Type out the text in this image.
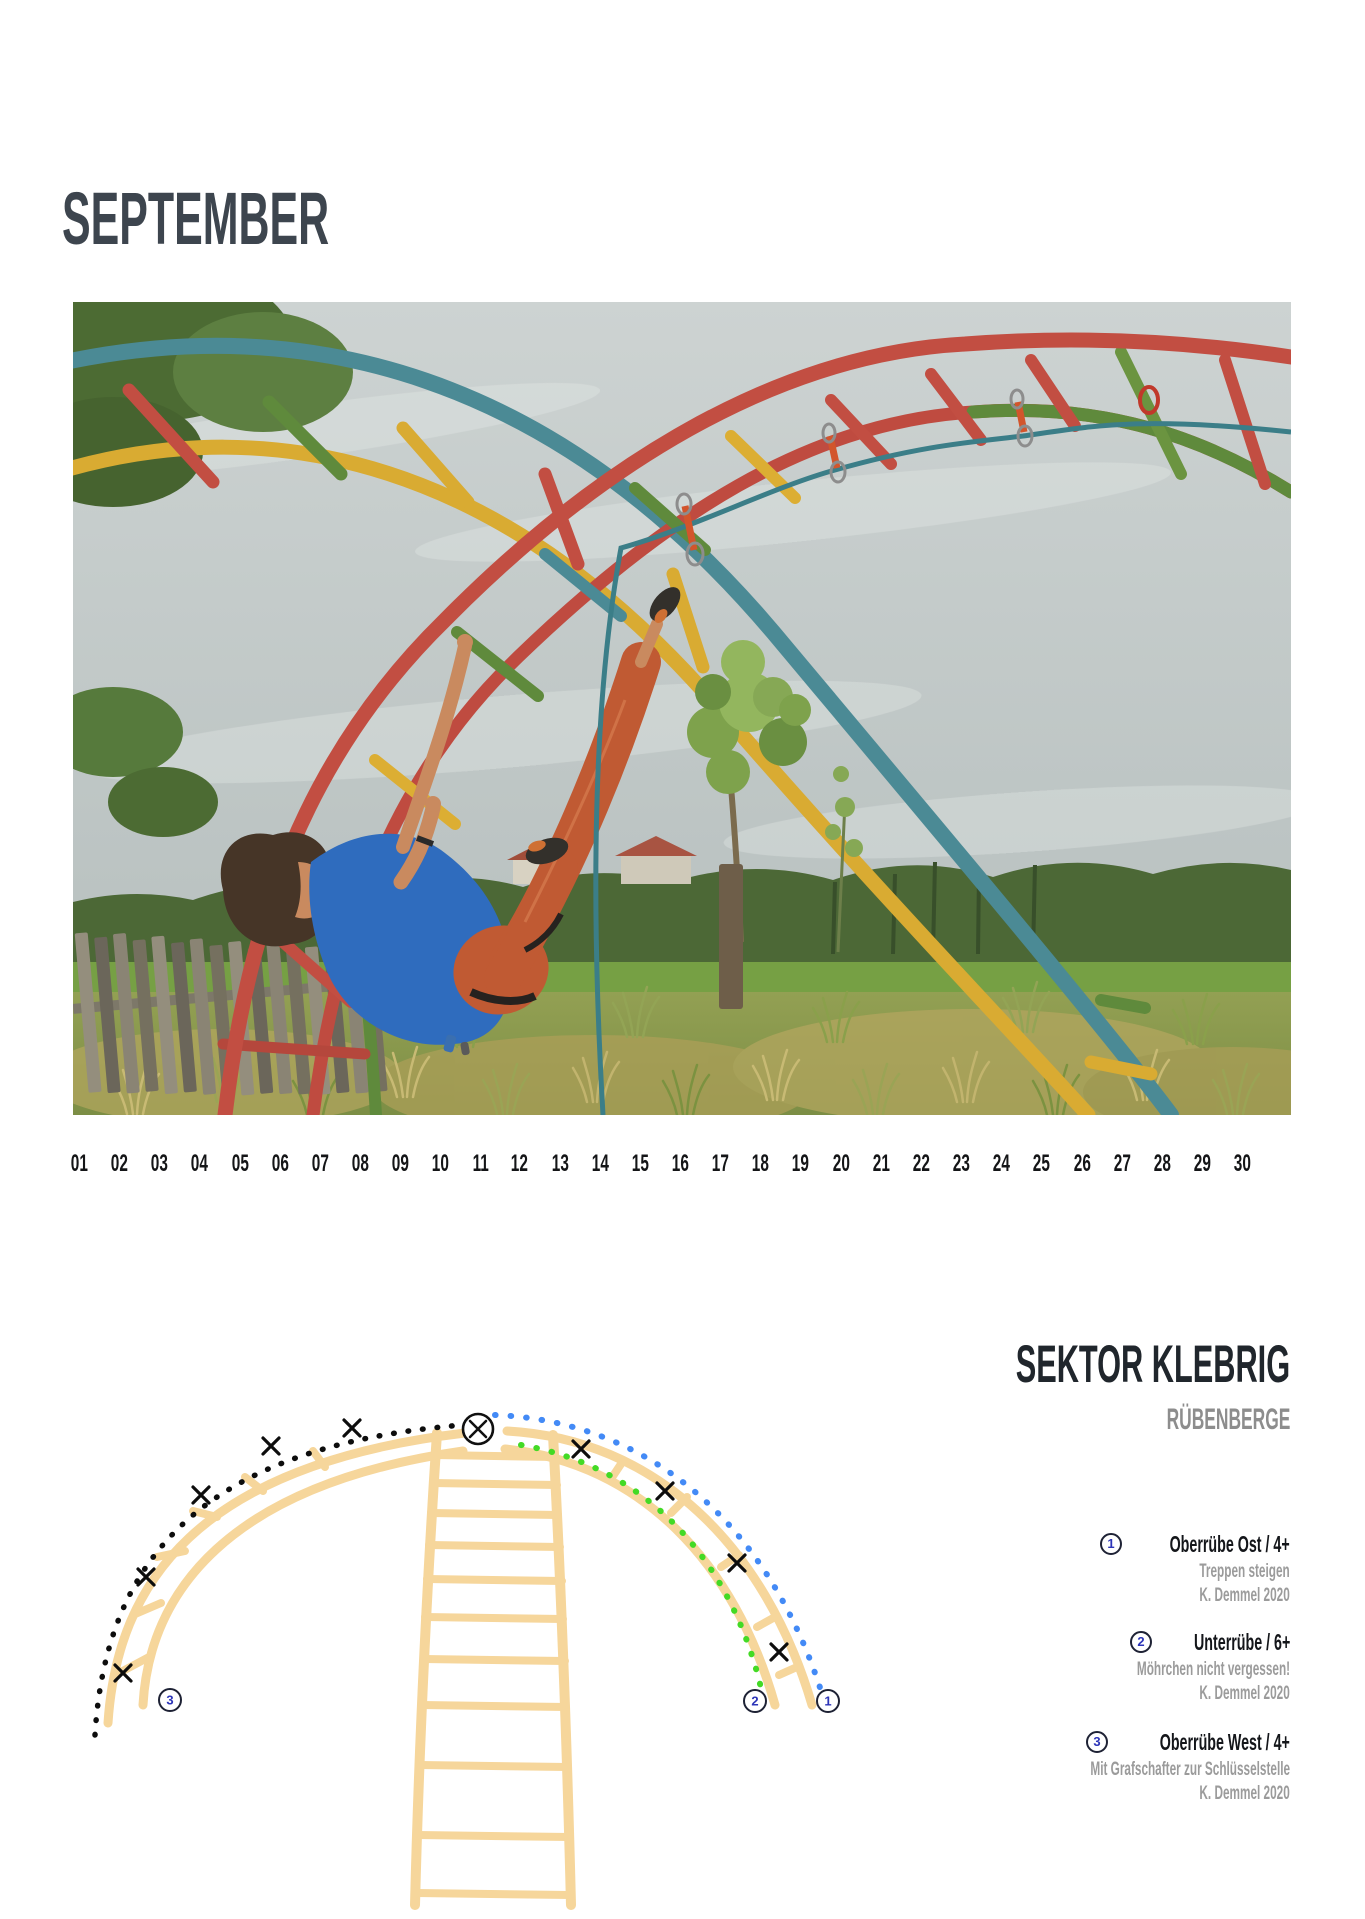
SEPTEMBER
01 02 03 04 05 06 07 08 09 10 11 12 13 14 15 16 17 18 19 20 21 22 23 24 25 26 27 28 29 30
SEKTOR KLEBRIG
RÜBENBERGE
1	Oberrübe Ost / 4+
Treppen steigen
K. Demmel 2020
2	Unterrübe / 6+
Möhrchen nicht vergessen!
K. Demmel 2020
3	Oberrübe West / 4+
Mit Grafschafter zur Schlüsselstelle
K. Demmel 2020
3	2	1
